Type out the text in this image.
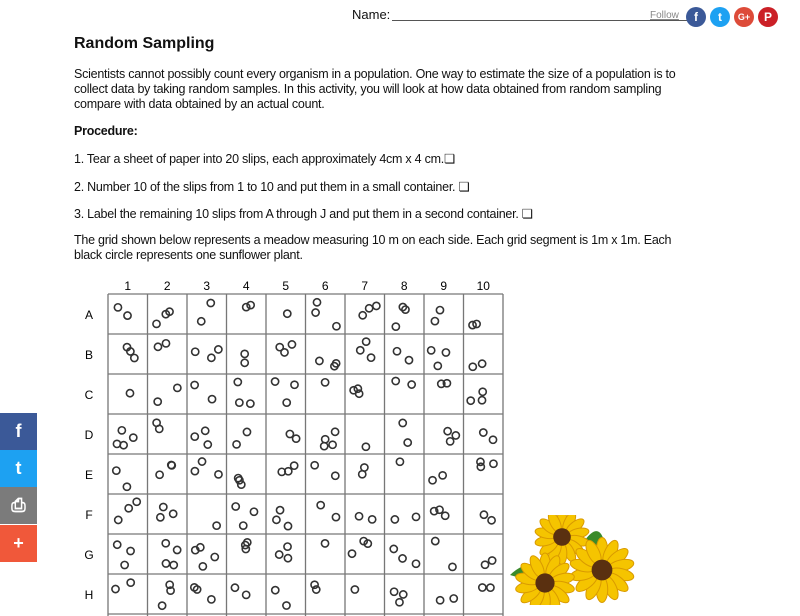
Name:	Follow	f	t	G+	P
Random Sampling
Scientists cannot possibly count every organism in a population. One way to estimate the size of a population is to
collect data by taking random samples. In this activity, you will look at how data obtained from random sampling
compare with data obtained by an actual count.
Procedure:
1. Tear a sheet of paper into 20 slips, each approximately 4cm x 4 cm.❏
2. Number 10 of the slips from 1 to 10 and put them in a small container. ❏
3. Label the remaining 10 slips from A through J and put them in a second container. ❏
The grid shown below represents a meadow measuring 10 m on each side. Each grid segment is 1m x 1m. Each
black circle represents one sunflower plant.
1	2	3	4	5	6	7	8	9 10
A
B
C
D
E
F
G
H
f
t
⎙
+
